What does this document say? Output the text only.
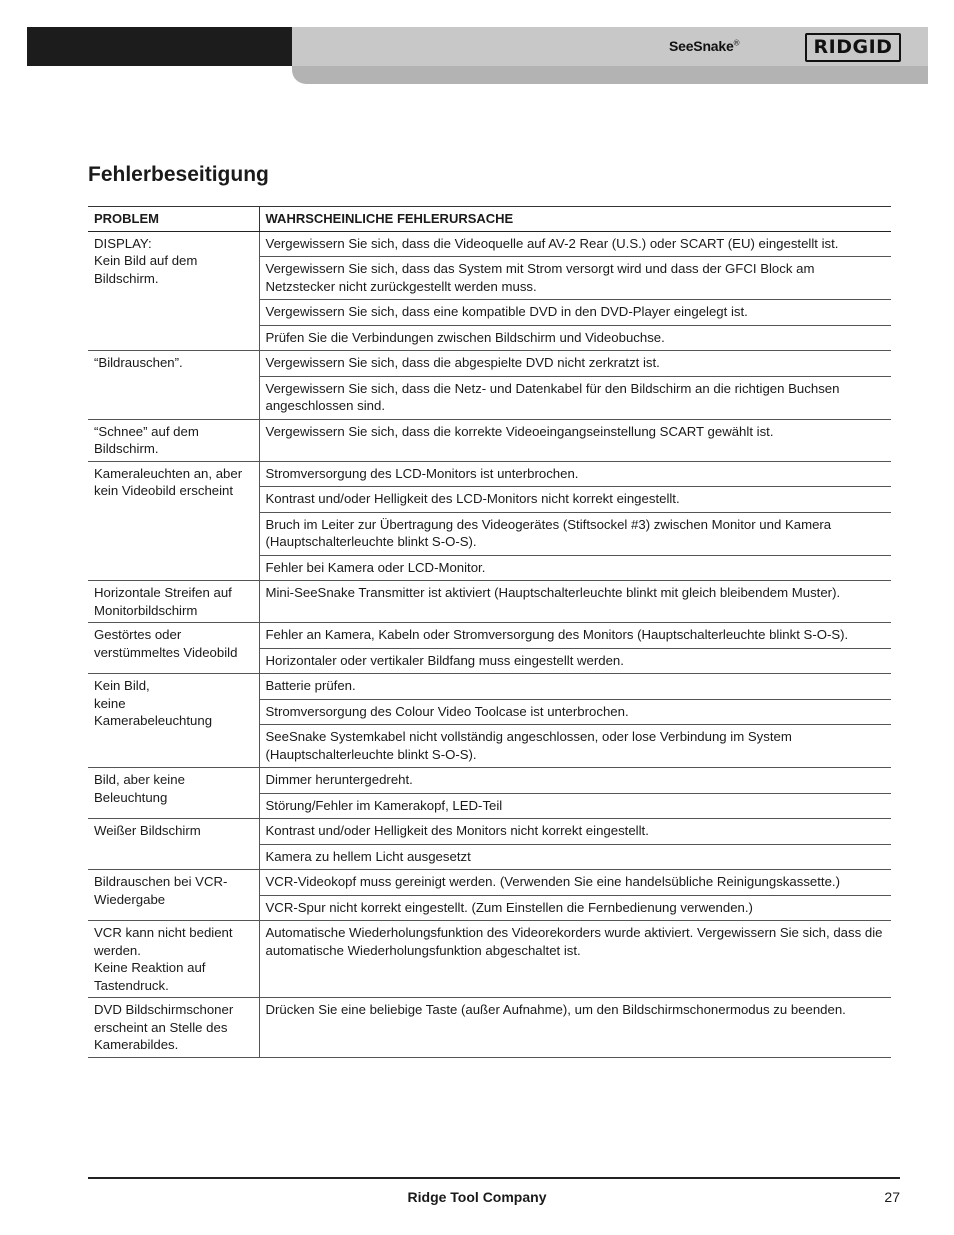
SeeSnake®	RIDGID
Fehlerbeseitigung
PROBLEM	WAHRSCHEINLICHE FEHLERURSACHE
DISPLAY:
Kein Bild auf dem Bildschirm.	Vergewissern Sie sich, dass die Videoquelle auf AV-2 Rear (U.S.) oder SCART (EU) eingestellt ist.
	Vergewissern Sie sich, dass das System mit Strom versorgt wird und dass der GFCI Block am Netzstecker nicht zurückgestellt werden muss.
	Vergewissern Sie sich, dass eine kompatible DVD in den DVD-Player eingelegt ist.
	Prüfen Sie die Verbindungen zwischen Bildschirm und Videobuchse.
“Bildrauschen”.	Vergewissern Sie sich, dass die abgespielte DVD nicht zerkratzt ist.
	Vergewissern Sie sich, dass die Netz- und Datenkabel für den Bildschirm an die richtigen Buchsen angeschlossen sind.
“Schnee” auf dem Bildschirm.	Vergewissern Sie sich, dass die korrekte Videoeingangseinstellung SCART gewählt ist.
Kameraleuchten an, aber kein Videobild erscheint	Stromversorgung des LCD-Monitors ist unterbrochen.
	Kontrast und/oder Helligkeit des LCD-Monitors nicht korrekt eingestellt.
	Bruch im Leiter zur Übertragung des Videogerätes (Stiftsockel #3) zwischen Monitor und Kamera (Hauptschalterleuchte blinkt S-O-S).
	Fehler bei Kamera oder LCD-Monitor.
Horizontale Streifen auf Monitorbildschirm	Mini-SeeSnake Transmitter ist aktiviert (Hauptschalterleuchte blinkt mit gleich bleibendem Muster).
Gestörtes oder verstümmeltes Videobild	Fehler an Kamera, Kabeln oder Stromversorgung des Monitors (Hauptschalterleuchte blinkt S-O-S).
	Horizontaler oder vertikaler Bildfang muss eingestellt werden.
Kein Bild,
keine
Kamerabeleuchtung	Batterie prüfen.
	Stromversorgung des Colour Video Toolcase ist unterbrochen.
	SeeSnake Systemkabel nicht vollständig angeschlossen, oder lose Verbindung im System (Hauptschalterleuchte blinkt S-O-S).
Bild, aber keine Beleuchtung	Dimmer heruntergedreht.
	Störung/Fehler im Kamerakopf, LED-Teil
Weißer Bildschirm	Kontrast und/oder Helligkeit des Monitors nicht korrekt eingestellt.
	Kamera zu hellem Licht ausgesetzt
Bildrauschen bei VCR-Wiedergabe	VCR-Videokopf muss gereinigt werden. (Verwenden Sie eine handelsübliche Reinigungskassette.)
	VCR-Spur nicht korrekt eingestellt. (Zum Einstellen die Fernbedienung verwenden.)
VCR kann nicht bedient werden.
Keine Reaktion auf Tastendruck.	Automatische Wiederholungsfunktion des Videorekorders wurde aktiviert. Vergewissern Sie sich, dass die automatische Wiederholungsfunktion abgeschaltet ist.
DVD Bildschirmschoner erscheint an Stelle des Kamerabildes.	Drücken Sie eine beliebige Taste (außer Aufnahme), um den Bildschirmschonermodus zu beenden.
Ridge Tool Company	27
